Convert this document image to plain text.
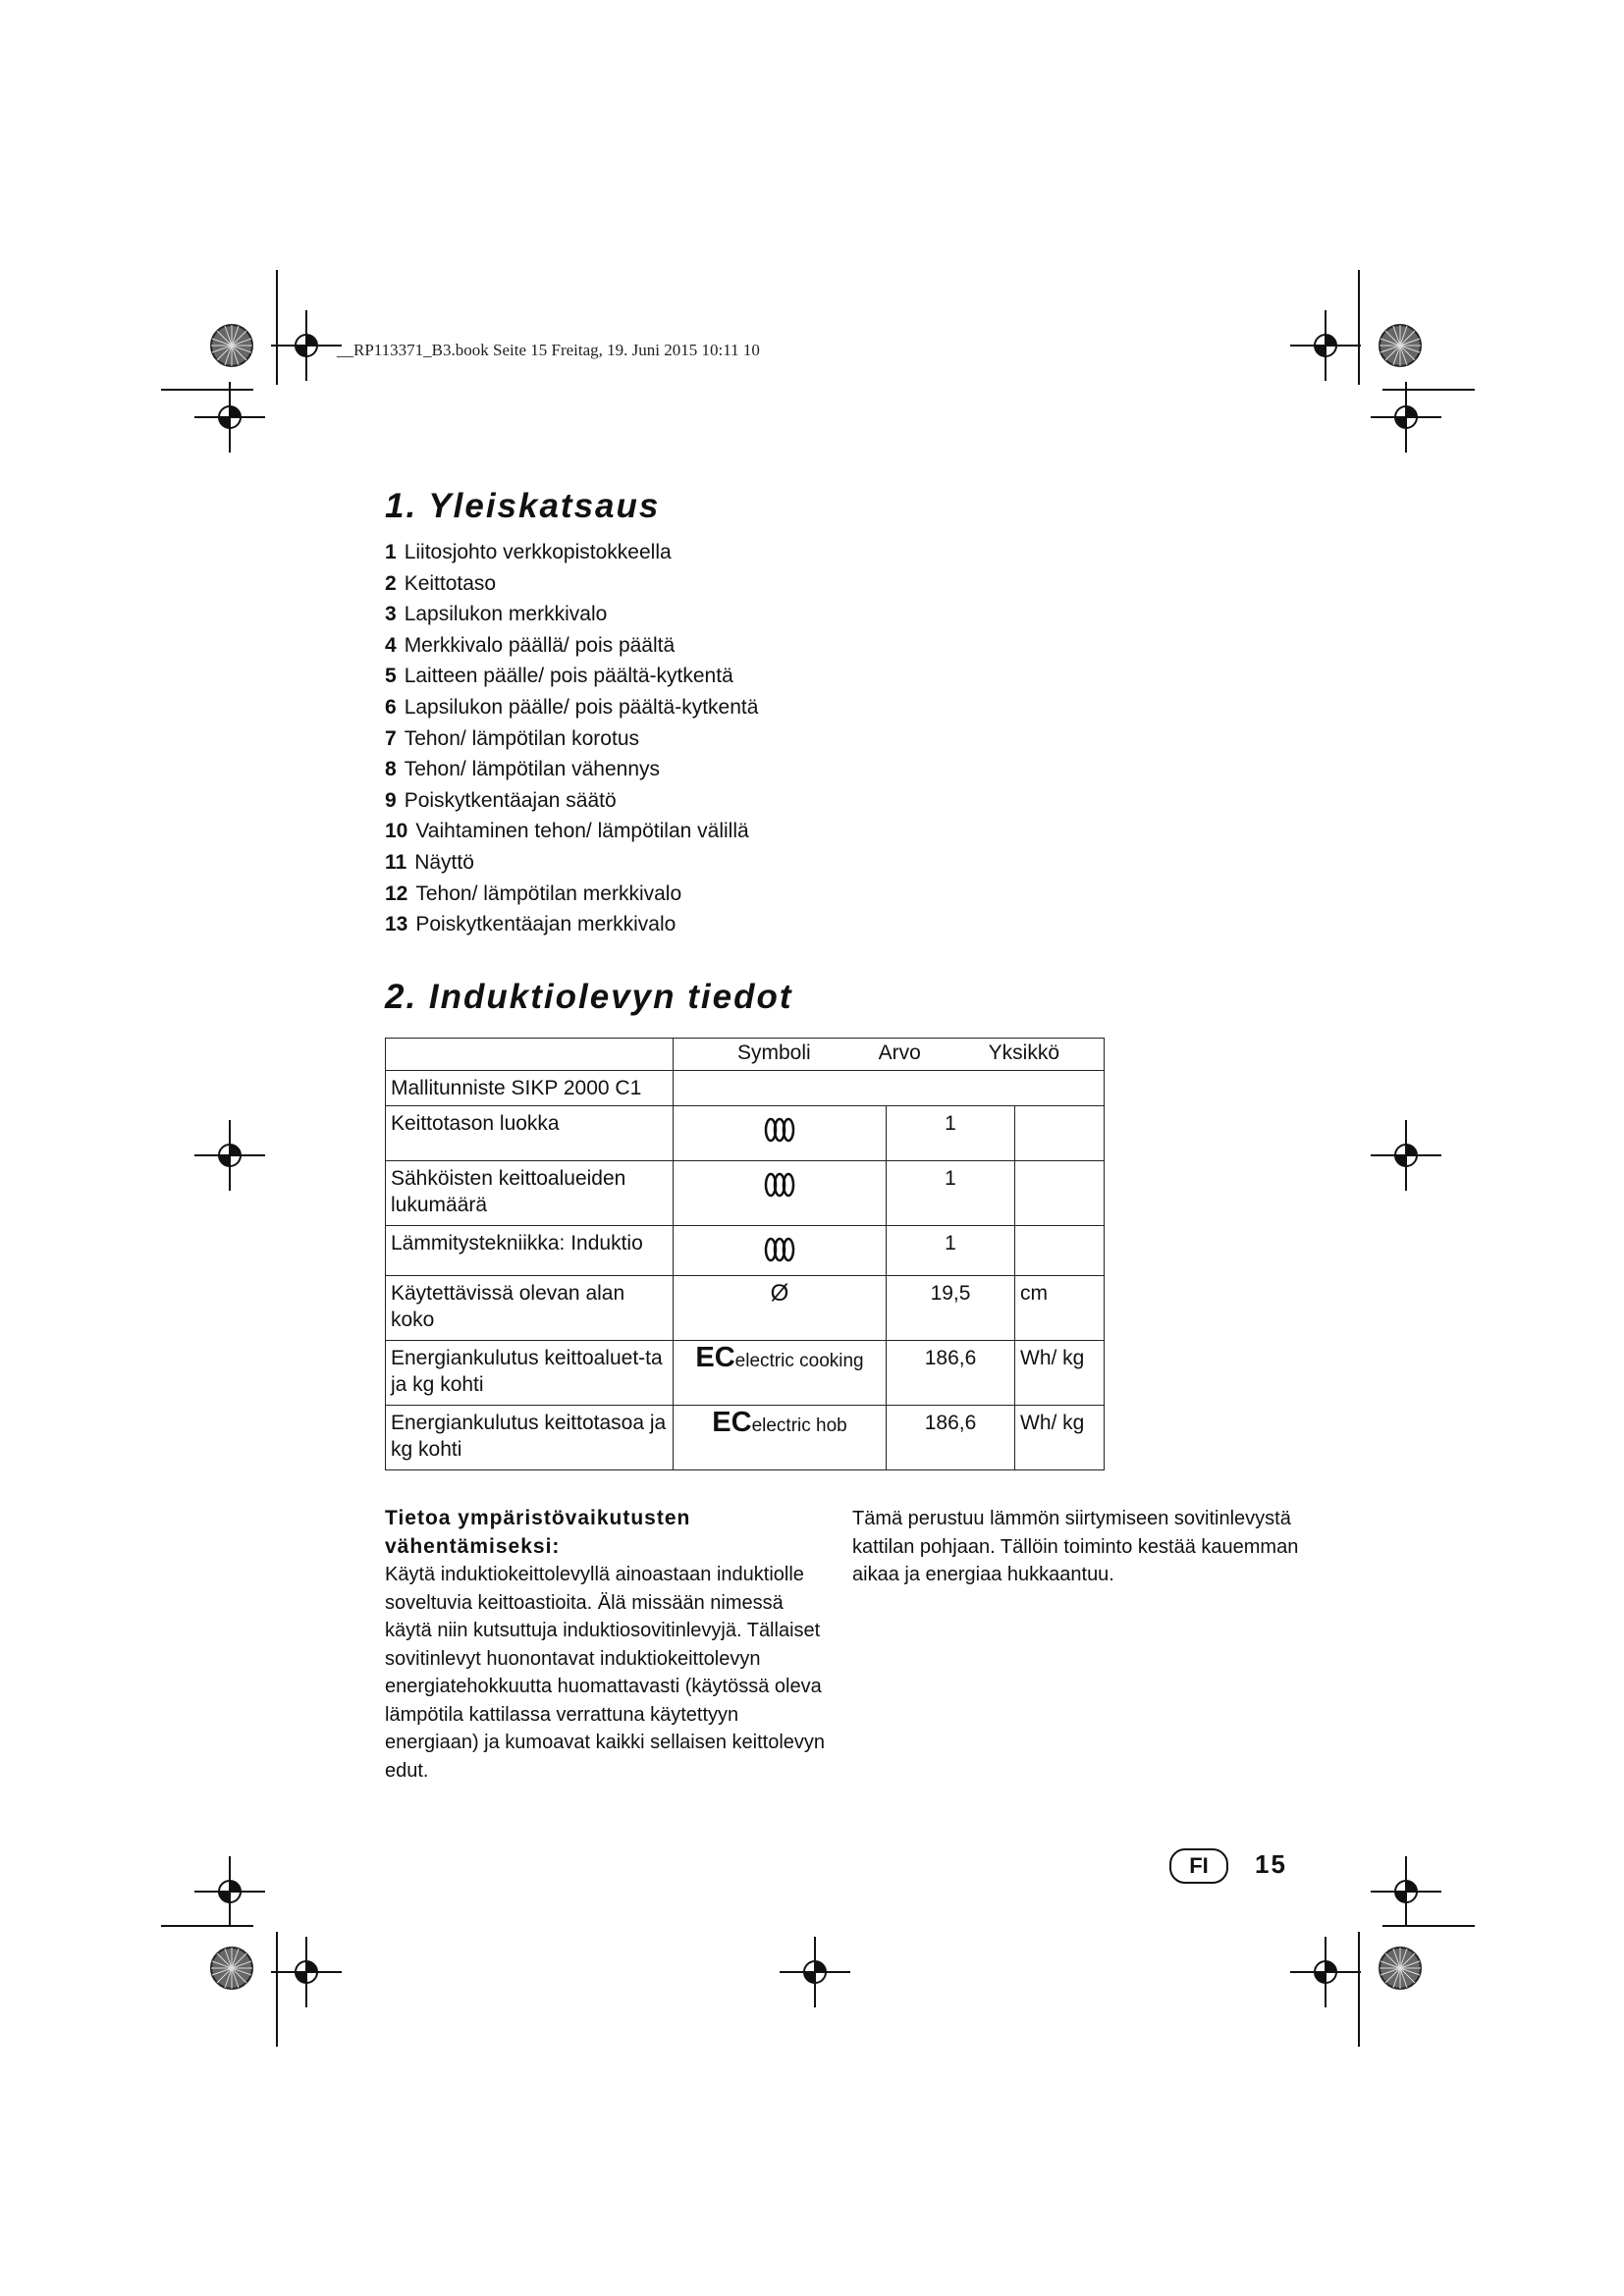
__RP113371_B3.book Seite 15 Freitag, 19. Juni 2015 10:11 10
1. Yleiskatsaus
1 Liitosjohto verkkopistokkeella
2 Keittotaso
3 Lapsilukon merkkivalo
4 Merkkivalo päällä/ pois päältä
5 Laitteen päälle/ pois päältä-kytkentä
6 Lapsilukon päälle/ pois päältä-kytkentä
7 Tehon/ lämpötilan korotus
8 Tehon/ lämpötilan vähennys
9 Poiskytkentäajan säätö
10 Vaihtaminen tehon/ lämpötilan välillä
11 Näyttö
12 Tehon/ lämpötilan merkkivalo
13 Poiskytkentäajan merkkivalo
2. Induktiolevyn tiedot

	Symboli Arvo Yksikkö		

Mallitunniste SIKP 2000 C1			
Keittotason luokka		1	
Sähköisten keittoalueiden lukumäärä		1	
Lämmitystekniikka: Induktio		1	
Käytettävissä olevan alan koko	Ø	19,5	cm
Energiankulutus keittoaluet-ta ja kg kohti	ECelectric cooking	186,6	Wh/ kg
Energiankulutus keittotasoa ja kg kohti	ECelectric hob	186,6	Wh/ kg
Tietoa ympäristövaikutusten vähentämiseksi:
Käytä induktiokeittolevyllä ainoastaan induktiolle soveltuvia keittoastioita. Älä missään nimessä käytä niin kutsuttuja induktiosovitinlevyjä. Tällaiset sovitinlevyt huonontavat induktiokeittolevyn energiatehokkuutta huomattavasti (käytössä oleva lämpötila kattilassa verrattuna käytettyyn energiaan) ja kumoavat kaikki sellaisen keittolevyn edut.
Tämä perustuu lämmön siirtymiseen sovitinlevystä kattilan pohjaan. Tällöin toiminto kestää kauemman aikaa ja energiaa hukkaantuu.
FI	15
